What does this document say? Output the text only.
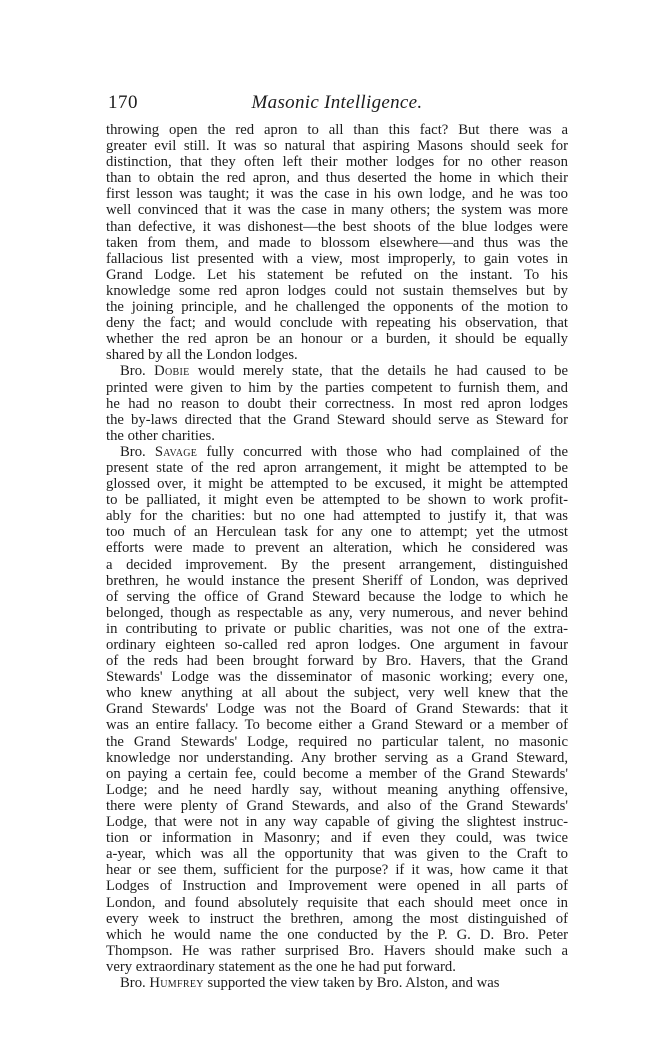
170	Masonic Intelligence.
throwing open the red apron to all than this fact? But there was a
greater evil still. It was so natural that aspiring Masons should seek for
distinction, that they often left their mother lodges for no other reason
than to obtain the red apron, and thus deserted the home in which their
first lesson was taught; it was the case in his own lodge, and he was too
well convinced that it was the case in many others; the system was more
than defective, it was dishonest—the best shoots of the blue lodges were
taken from them, and made to blossom elsewhere—and thus was the
fallacious list presented with a view, most improperly, to gain votes in
Grand Lodge. Let his statement be refuted on the instant. To his
knowledge some red apron lodges could not sustain themselves but by
the joining principle, and he challenged the opponents of the motion to
deny the fact; and would conclude with repeating his observation, that
whether the red apron be an honour or a burden, it should be equally
shared by all the London lodges.
Bro. Dobie would merely state, that the details he had caused to be
printed were given to him by the parties competent to furnish them, and
he had no reason to doubt their correctness. In most red apron lodges
the by-laws directed that the Grand Steward should serve as Steward for
the other charities.
Bro. Savage fully concurred with those who had complained of the
present state of the red apron arrangement, it might be attempted to be
glossed over, it might be attempted to be excused, it might be attempted
to be palliated, it might even be attempted to be shown to work profit-
ably for the charities: but no one had attempted to justify it, that was
too much of an Herculean task for any one to attempt; yet the utmost
efforts were made to prevent an alteration, which he considered was
a decided improvement. By the present arrangement, distinguished
brethren, he would instance the present Sheriff of London, was deprived
of serving the office of Grand Steward because the lodge to which he
belonged, though as respectable as any, very numerous, and never behind
in contributing to private or public charities, was not one of the extra-
ordinary eighteen so-called red apron lodges. One argument in favour
of the reds had been brought forward by Bro. Havers, that the Grand
Stewards' Lodge was the disseminator of masonic working; every one,
who knew anything at all about the subject, very well knew that the
Grand Stewards' Lodge was not the Board of Grand Stewards: that it
was an entire fallacy. To become either a Grand Steward or a member of
the Grand Stewards' Lodge, required no particular talent, no masonic
knowledge nor understanding. Any brother serving as a Grand Steward,
on paying a certain fee, could become a member of the Grand Stewards'
Lodge; and he need hardly say, without meaning anything offensive,
there were plenty of Grand Stewards, and also of the Grand Stewards'
Lodge, that were not in any way capable of giving the slightest instruc-
tion or information in Masonry; and if even they could, was twice
a-year, which was all the opportunity that was given to the Craft to
hear or see them, sufficient for the purpose? if it was, how came it that
Lodges of Instruction and Improvement were opened in all parts of
London, and found absolutely requisite that each should meet once in
every week to instruct the brethren, among the most distinguished of
which he would name the one conducted by the P. G. D. Bro. Peter
Thompson. He was rather surprised Bro. Havers should make such a
very extraordinary statement as the one he had put forward.
Bro. Humfrey supported the view taken by Bro. Alston, and was
